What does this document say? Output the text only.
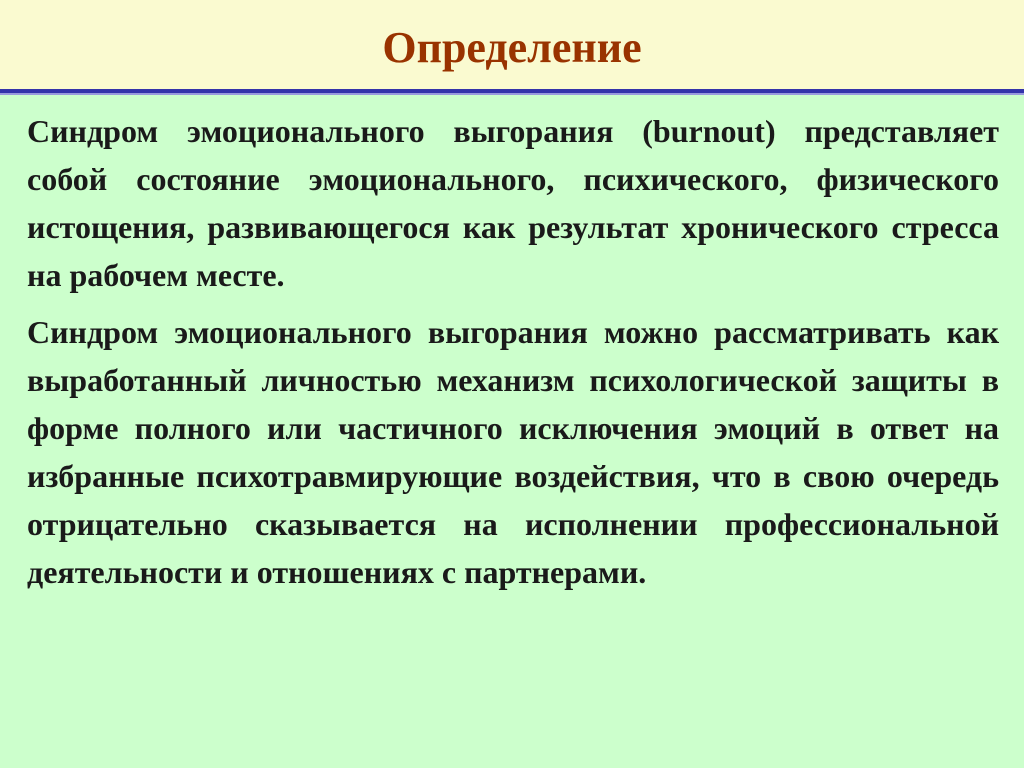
Определение

Синдром эмоционального выгорания (burnout) представляет собой состояние эмоционального, психического, физического истощения, развивающегося как результат хронического стресса на рабочем месте.

Синдром эмоционального выгорания можно рассматривать как выработанный личностью механизм психологической защиты в форме полного или частичного исключения эмоций в ответ на избранные психотравмирующие воздействия, что в свою очередь отрицательно сказывается на исполнении профессиональной деятельности и отношениях с партнерами.
